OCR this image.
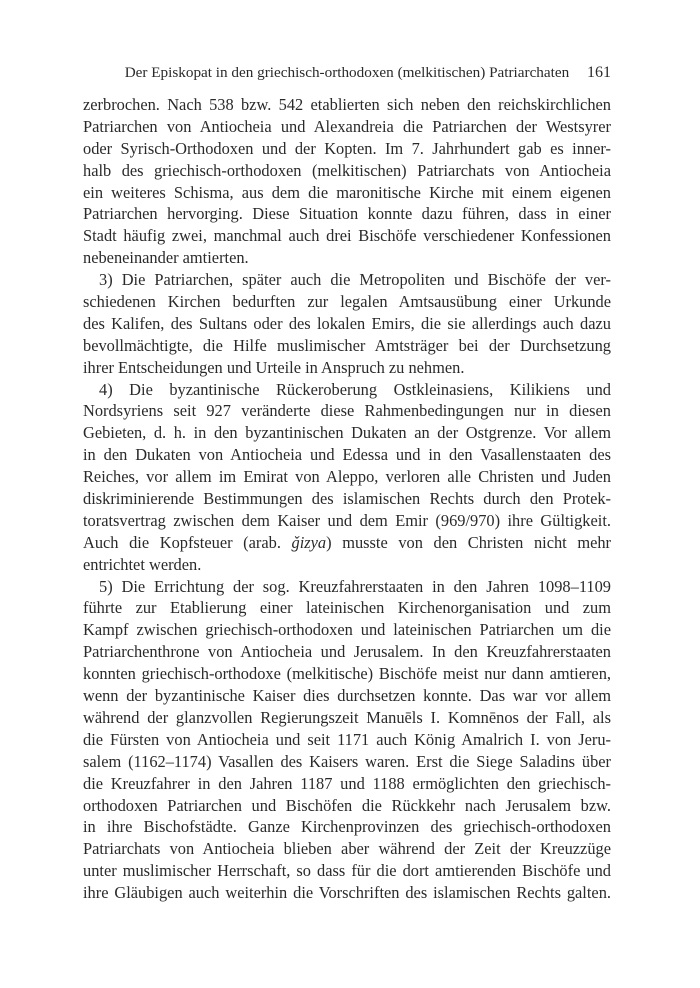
Der Episkopat in den griechisch-orthodoxen (melkitischen) Patriarchaten 161
zerbrochen. Nach 538 bzw. 542 etablierten sich neben den reichskirchlichen
Patriarchen von Antiocheia und Alexandreia die Patriarchen der Westsyrer
oder Syrisch-Orthodoxen und der Kopten. Im 7. Jahrhundert gab es inner-
halb des griechisch-orthodoxen (melkitischen) Patriarchats von Antiocheia
ein weiteres Schisma, aus dem die maronitische Kirche mit einem eigenen
Patriarchen hervorging. Diese Situation konnte dazu führen, dass in einer
Stadt häufig zwei, manchmal auch drei Bischöfe verschiedener Konfessionen
nebeneinander amtierten.
3) Die Patriarchen, später auch die Metropoliten und Bischöfe der ver-
schiedenen Kirchen bedurften zur legalen Amtsausübung einer Urkunde
des Kalifen, des Sultans oder des lokalen Emirs, die sie allerdings auch dazu
bevollmächtigte, die Hilfe muslimischer Amtsträger bei der Durchsetzung
ihrer Entscheidungen und Urteile in Anspruch zu nehmen.
4) Die byzantinische Rückeroberung Ostkleinasiens, Kilikiens und
Nordsyriens seit 927 veränderte diese Rahmenbedingungen nur in diesen
Gebieten, d. h. in den byzantinischen Dukaten an der Ostgrenze. Vor allem
in den Dukaten von Antiocheia und Edessa und in den Vasallenstaaten des
Reiches, vor allem im Emirat von Aleppo, verloren alle Christen und Juden
diskriminierende Bestimmungen des islamischen Rechts durch den Protek-
toratsvertrag zwischen dem Kaiser und dem Emir (969/970) ihre Gültigkeit.
Auch die Kopfsteuer (arab. ǧizya) musste von den Christen nicht mehr
entrichtet werden.
5) Die Errichtung der sog. Kreuzfahrerstaaten in den Jahren 1098–1109
führte zur Etablierung einer lateinischen Kirchenorganisation und zum
Kampf zwischen griechisch-orthodoxen und lateinischen Patriarchen um die
Patriarchenthrone von Antiocheia und Jerusalem. In den Kreuzfahrerstaaten
konnten griechisch-orthodoxe (melkitische) Bischöfe meist nur dann amtieren,
wenn der byzantinische Kaiser dies durchsetzen konnte. Das war vor allem
während der glanzvollen Regierungszeit Manuēls I. Komnēnos der Fall, als
die Fürsten von Antiocheia und seit 1171 auch König Amalrich I. von Jeru-
salem (1162–1174) Vasallen des Kaisers waren. Erst die Siege Saladins über
die Kreuzfahrer in den Jahren 1187 und 1188 ermöglichten den griechisch-
orthodoxen Patriarchen und Bischöfen die Rückkehr nach Jerusalem bzw.
in ihre Bischofstädte. Ganze Kirchenprovinzen des griechisch-orthodoxen
Patriarchats von Antiocheia blieben aber während der Zeit der Kreuzzüge
unter muslimischer Herrschaft, so dass für die dort amtierenden Bischöfe und
ihre Gläubigen auch weiterhin die Vorschriften des islamischen Rechts galten.
